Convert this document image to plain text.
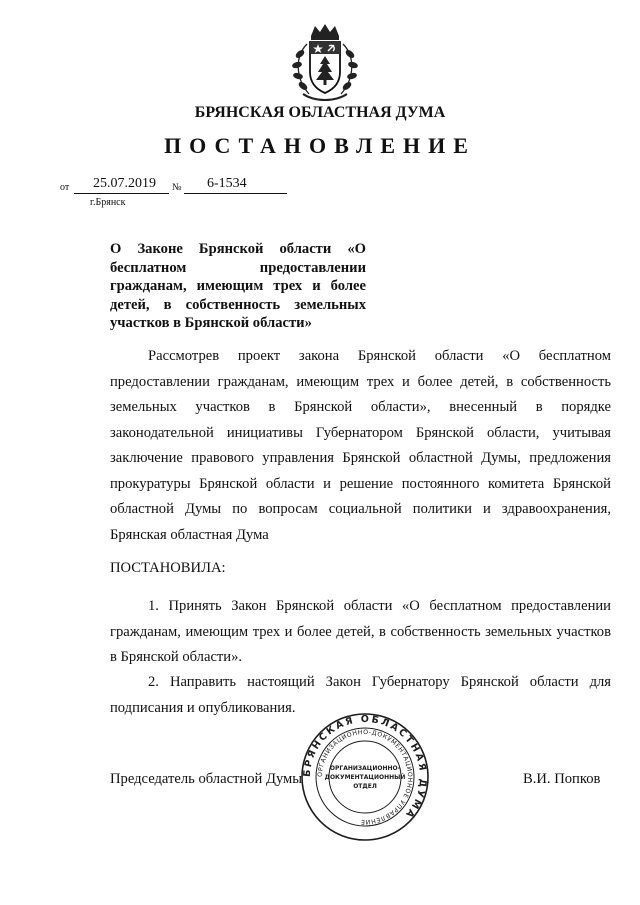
БРЯНСКАЯ ОБЛАСТНАЯ ДУМА
ПОСТАНОВЛЕНИЕ
от 25.07.2019 № 6-1534
г.Брянск
О Законе Брянской области «О бесплатном предоставлении гражданам, имеющим трех и более детей, в собственность земельных участков в Брянской области»
Рассмотрев проект закона Брянской области «О бесплатном предоставлении гражданам, имеющим трех и более детей, в собственность земельных участков в Брянской области», внесенный в порядке законодательной инициативы Губернатором Брянской области, учитывая заключение правового управления Брянской областной Думы, предложения прокуратуры Брянской области и решение постоянного комитета Брянской областной Думы по вопросам социальной политики и здравоохранения, Брянская областная Дума
ПОСТАНОВИЛА:
1. Принять Закон Брянской области «О бесплатном предоставлении гражданам, имеющим трех и более детей, в собственность земельных участков в Брянской области».
2. Направить настоящий Закон Губернатору Брянской области для подписания и опубликования.
БРЯНСКАЯ ОБЛАСТНАЯ ДУМА
ОРГАНИЗАЦИОННО-ДОКУМЕНТАЦИОННОЕ УПРАВЛЕНИЕ
ОРГАНИЗАЦИОННО-
ДОКУМЕНТАЦИОННЫЙ
ОТДЕЛ
Председатель областной Думы	В.И. Попков
